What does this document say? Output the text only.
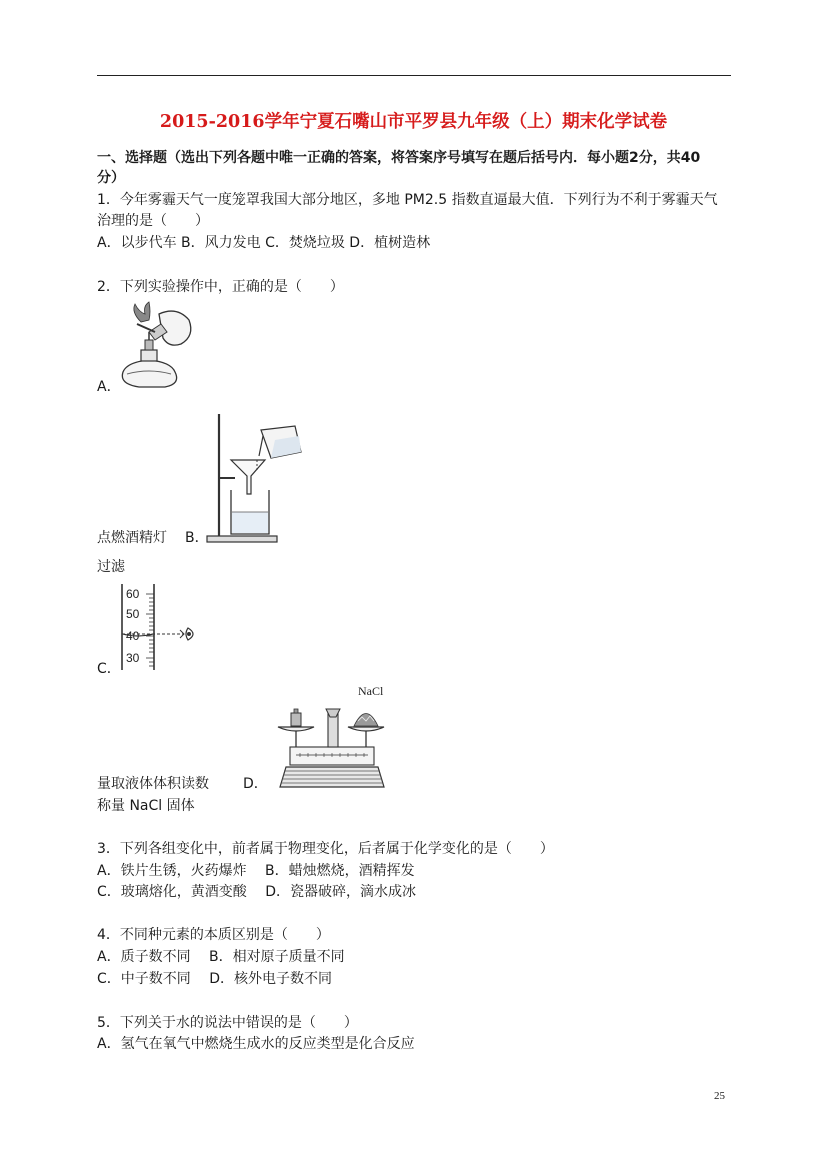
2015-2016学年宁夏石嘴山市平罗县九年级（上）期末化学试卷
一、选择题（选出下列各题中唯一正确的答案，将答案序号填写在题后括号内．每小题2分，共40
分）
1．今年雾霾天气一度笼罩我国大部分地区，多地 PM2.5 指数直逼最大值．下列行为不利于雾霾天气
治理的是（　　）
A．以步代车 B．风力发电 C．焚烧垃圾 D．植树造林
2．下列实验操作中，正确的是（　　）
A．
点燃酒精灯 B．
过滤
60
50
40
30
C．
NaCl
量取液体体积读数 D．
称量 NaCl 固体
3．下列各组变化中，前者属于物理变化，后者属于化学变化的是（　　）
A．铁片生锈，火药爆炸　 B．蜡烛燃烧，酒精挥发
C．玻璃熔化，黄酒变酸　 D．瓷器破碎，滴水成冰
4．不同种元素的本质区别是（　　）
A．质子数不同　 B．相对原子质量不同
C．中子数不同　 D．核外电子数不同
5．下列关于水的说法中错误的是（　　）
A．氢气在氧气中燃烧生成水的反应类型是化合反应
25
